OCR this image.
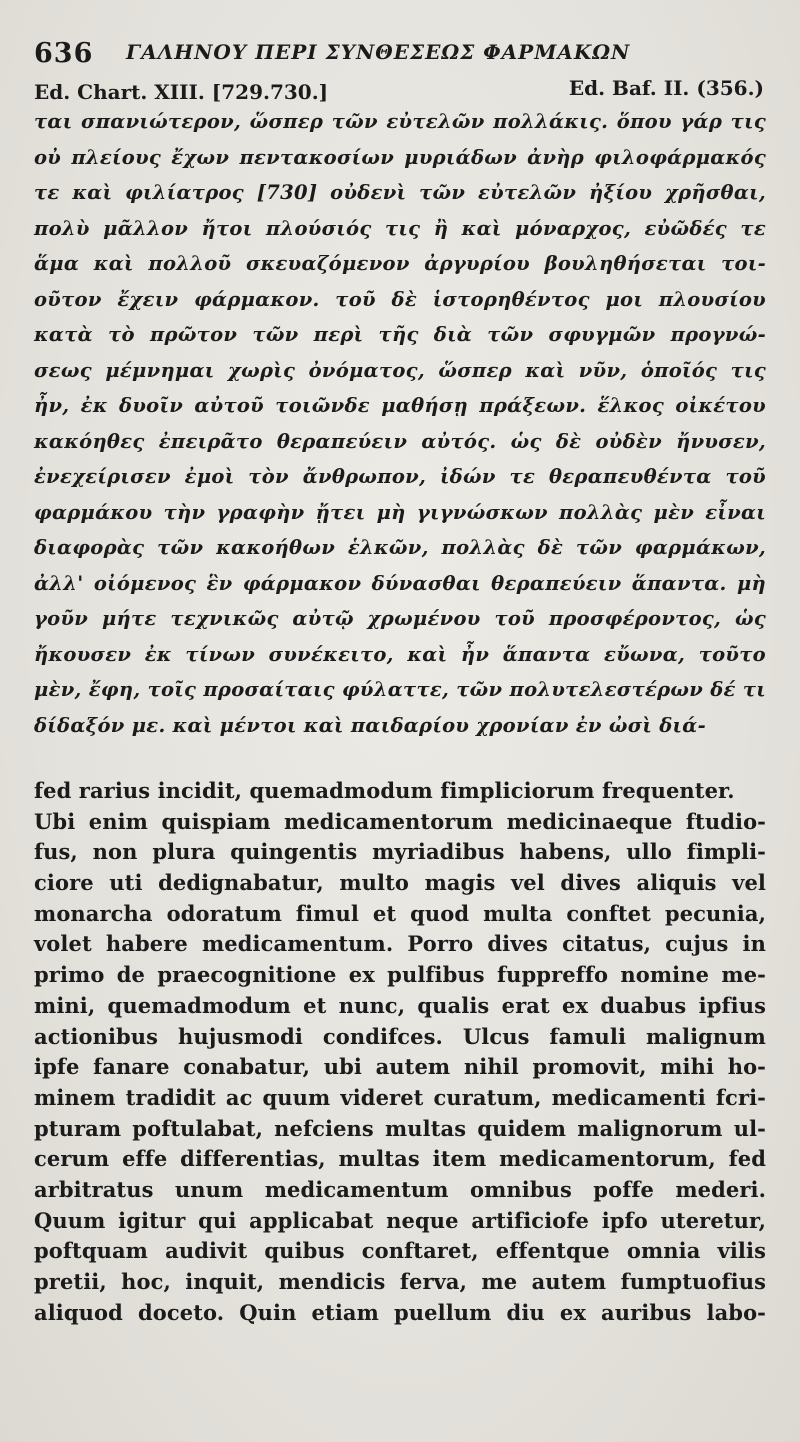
636 ΓΑΛΗΝΟΥ ΠΕΡΙ ΣΥΝΘΕΣΕΩΣ ΦΑΡΜΑΚΩΝ
Ed. Chart. XIII. [729.730.]	Ed. Baf. II. (356.)
ται σπανιώτερον, ὥσπερ τῶν εὐτελῶν πολλάκις. ὅπου γάρ τις
οὐ πλείους ἔχων πεντακοσίων μυριάδων ἀνὴρ φιλοφάρμακός
τε καὶ φιλίατρος [730] οὐδενὶ τῶν εὐτελῶν ἠξίου χρῆσθαι,
πολὺ μᾶλλον ἤτοι πλούσιός τις ἢ καὶ μόναρχος, εὐῶδές τε
ἅμα καὶ πολλοῦ σκευαζόμενον ἀργυρίου βουληθήσεται τοι-
οῦτον ἔχειν φάρμακον. τοῦ δὲ ἱστορηθέντος μοι πλουσίου
κατὰ τὸ πρῶτον τῶν περὶ τῆς διὰ τῶν σφυγμῶν προγνώ-
σεως μέμνημαι χωρὶς ὀνόματος, ὥσπερ καὶ νῦν, ὁποῖός τις
ἦν, ἐκ δυοῖν αὐτοῦ τοιῶνδε μαθήσῃ πράξεων. ἕλκος οἰκέτου
κακόηθες ἐπειρᾶτο θεραπεύειν αὐτός. ὡς δὲ οὐδὲν ἤνυσεν,
ἐνεχείρισεν ἐμοὶ τὸν ἄνθρωπον, ἰδών τε θεραπευθέντα τοῦ
φαρμάκου τὴν γραφὴν ᾔτει μὴ γιγνώσκων πολλὰς μὲν εἶναι
διαφορὰς τῶν κακοήθων ἑλκῶν, πολλὰς δὲ τῶν φαρμάκων,
ἀλλ' οἰόμενος ἓν φάρμακον δύνασθαι θεραπεύειν ἅπαντα. μὴ
γοῦν μήτε τεχνικῶς αὐτῷ χρωμένου τοῦ προσφέροντος, ὡς
ἤκουσεν ἐκ τίνων συνέκειτο, καὶ ἦν ἅπαντα εὔωνα, τοῦτο
μὲν, ἔφη, τοῖς προσαίταις φύλαττε, τῶν πολυτελεστέρων δέ τι
δίδαξόν με. καὶ μέντοι καὶ παιδαρίου χρονίαν ἐν ὠσὶ διά-
fed rarius incidit, quemadmodum fimpliciorum frequenter.
Ubi enim quispiam medicamentorum medicinaeque ftudio-
fus, non plura quingentis myriadibus habens, ullo fimpli-
ciore uti dedignabatur, multo magis vel dives aliquis vel
monarcha odoratum fimul et quod multa conftet pecunia,
volet habere medicamentum. Porro dives citatus, cujus in
primo de praecognitione ex pulfibus fuppreffo nomine me-
mini, quemadmodum et nunc, qualis erat ex duabus ipfius
actionibus hujusmodi condifces. Ulcus famuli malignum
ipfe fanare conabatur, ubi autem nihil promovit, mihi ho-
minem tradidit ac quum videret curatum, medicamenti fcri-
pturam poftulabat, nefciens multas quidem malignorum ul-
cerum effe differentias, multas item medicamentorum, fed
arbitratus unum medicamentum omnibus poffe mederi.
Quum igitur qui applicabat neque artificiofe ipfo uteretur,
poftquam audivit quibus conftaret, effentque omnia vilis
pretii, hoc, inquit, mendicis ferva, me autem fumptuofius
aliquod doceto. Quin etiam puellum diu ex auribus labo-
